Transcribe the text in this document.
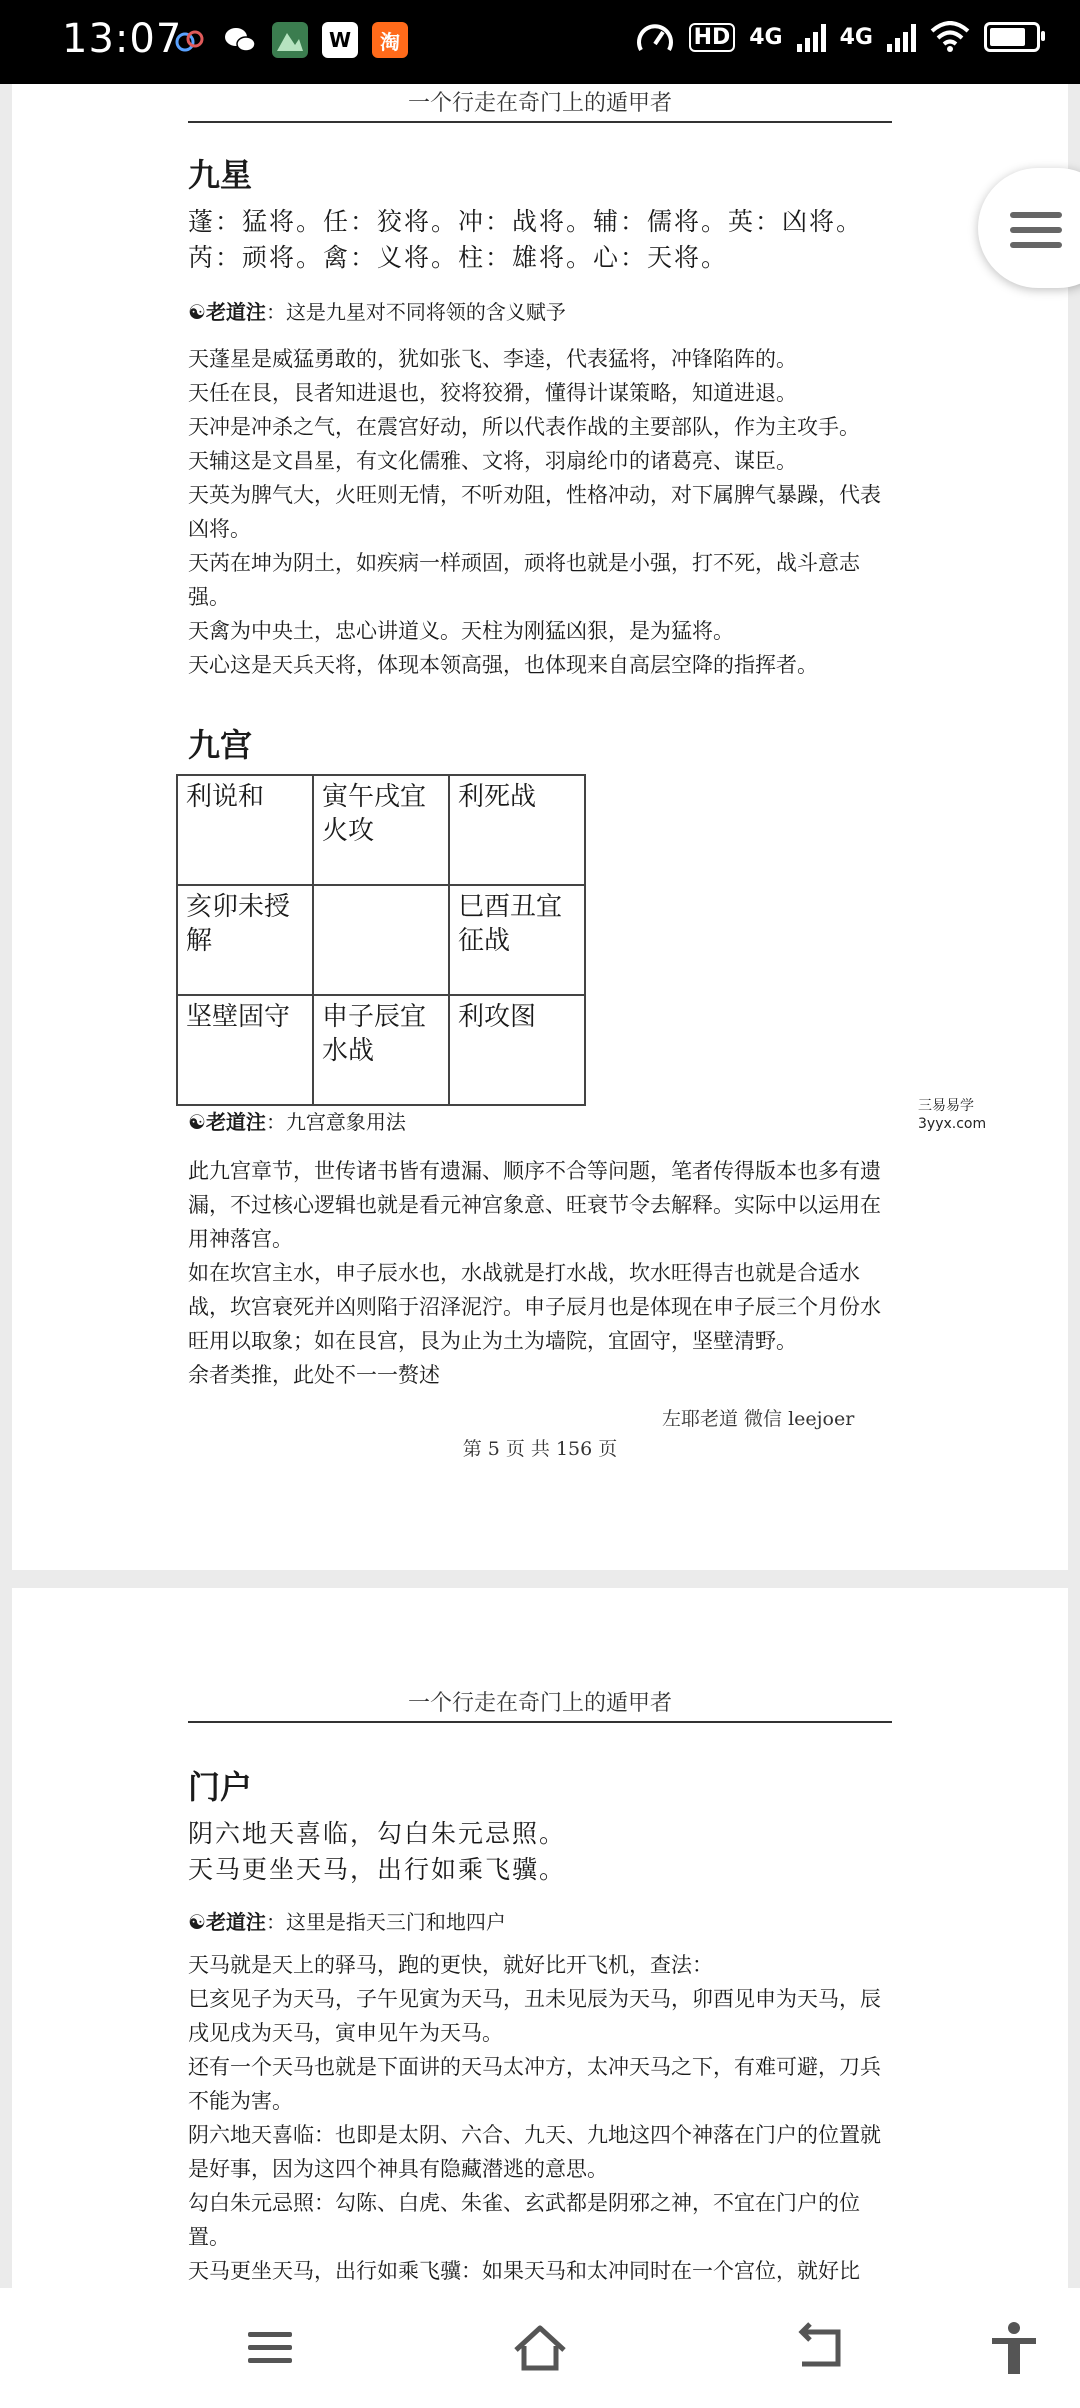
13:07	W	淘	HD 4G	4G
一个行走在奇门上的遁甲者
九星
蓬：猛将。任：狡将。冲：战将。辅：儒将。英：凶将。
芮：顽将。禽：义将。柱：雄将。心：天将。
☯老道注：这是九星对不同将领的含义赋予

天蓬星是威猛勇敢的，犹如张飞、李逵，代表猛将，冲锋陷阵的。

天任在艮，艮者知进退也，狡将狡猾，懂得计谋策略，知道进退。

天冲是冲杀之气，在震宫好动，所以代表作战的主要部队，作为主攻手。

天辅这是文昌星，有文化儒雅、文将，羽扇纶巾的诸葛亮、谋臣。

天英为脾气大，火旺则无情，不听劝阻，性格冲动，对下属脾气暴躁，代表凶将。

天芮在坤为阴土，如疾病一样顽固，顽将也就是小强，打不死，战斗意志强。

天禽为中央土，忠心讲道义。天柱为刚猛凶狠，是为猛将。

天心这是天兵天将，体现本领高强，也体现来自高层空降的指挥者。

九宫
利说和	寅午戌宜火攻	利死战
亥卯未授解		巳酉丑宜征战
坚壁固守	申子辰宜水战	利攻图
☯老道注：九宫意象用法

此九宫章节，世传诸书皆有遗漏、顺序不合等问题，笔者传得版本也多有遗漏，不过核心逻辑也就是看元神宫象意、旺衰节令去解释。实际中以运用在用神落宫。

如在坎宫主水，申子辰水也，水战就是打水战，坎水旺得吉也就是合适水战，坎宫衰死并凶则陷于沼泽泥泞。申子辰月也是体现在申子辰三个月份水旺用以取象；如在艮宫，艮为止为土为墙院，宜固守，坚壁清野。

余者类推，此处不一一赘述

左耶老道 微信 leejoer
第 5 页 共 156 页
三易易学
3yyx.com
一个行走在奇门上的遁甲者
门户
阴六地天喜临，勾白朱元忌照。
天马更坐天马，出行如乘飞骥。
☯老道注：这里是指天三门和地四户

天马就是天上的驿马，跑的更快，就好比开飞机，查法：

巳亥见子为天马，子午见寅为天马，丑未见辰为天马，卯酉见申为天马，辰戌见戌为天马，寅申见午为天马。

还有一个天马也就是下面讲的天马太冲方，太冲天马之下，有难可避，刀兵不能为害。

阴六地天喜临：也即是太阴、六合、九天、九地这四个神落在门户的位置就是好事，因为这四个神具有隐藏潜逃的意思。

勾白朱元忌照：勾陈、白虎、朱雀、玄武都是阴邪之神，不宜在门户的位置。

天马更坐天马，出行如乘飞骥：如果天马和太冲同时在一个宫位，就好比
